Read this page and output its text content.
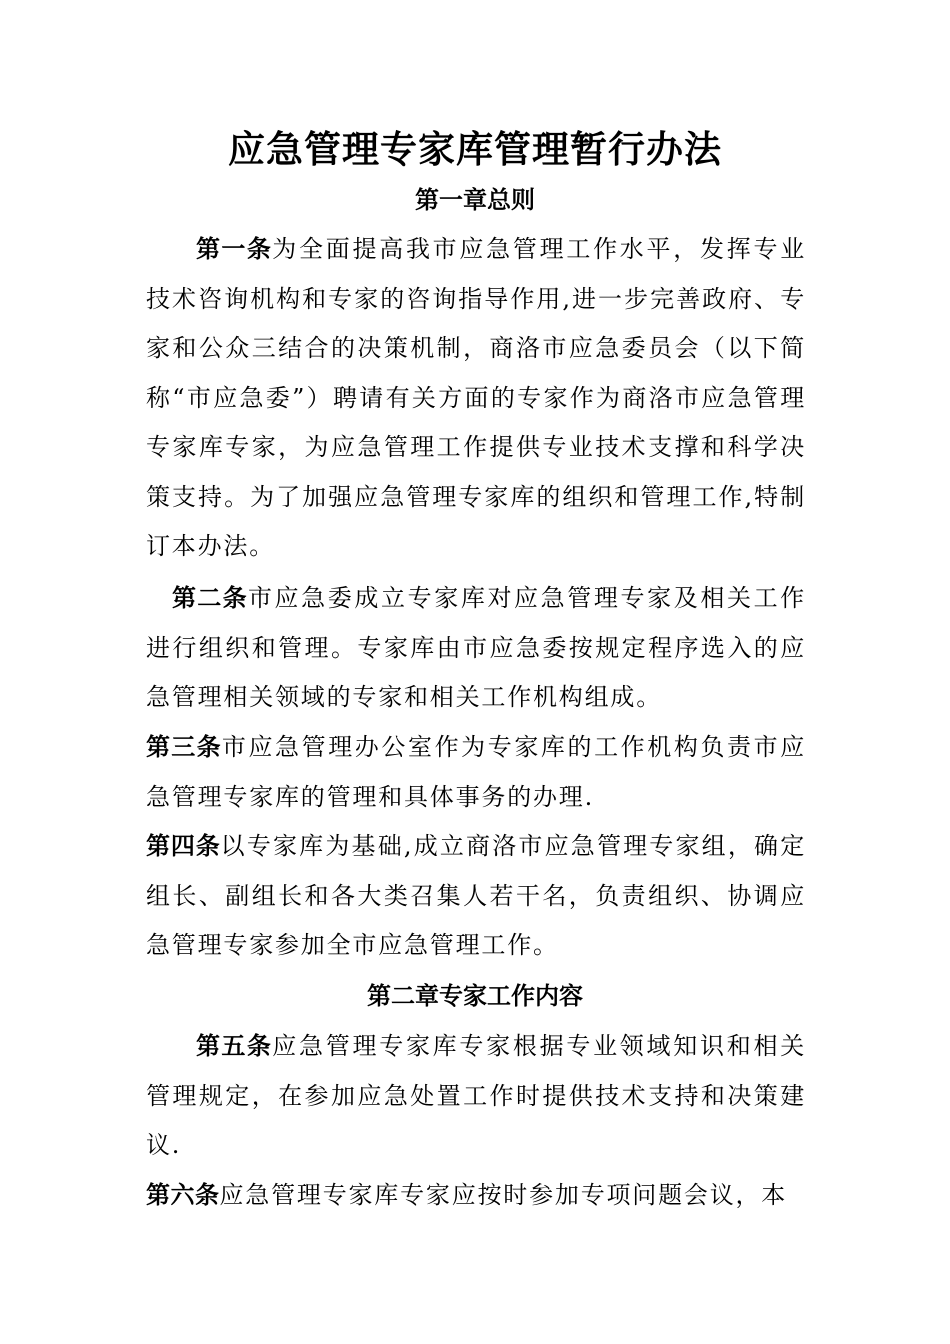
应急管理专家库管理暂行办法
第一章总则

第一条为全面提高我市应急管理工作水平，发挥专业技术咨询机构和专家的咨询指导作用,进一步完善政府、专家和公众三结合的决策机制，商洛市应急委员会（以下简称“市应急委”）聘请有关方面的专家作为商洛市应急管理专家库专家，为应急管理工作提供专业技术支撑和科学决策支持。为了加强应急管理专家库的组织和管理工作,特制订本办法。

第二条市应急委成立专家库对应急管理专家及相关工作进行组织和管理。专家库由市应急委按规定程序选入的应急管理相关领域的专家和相关工作机构组成。

第三条市应急管理办公室作为专家库的工作机构负责市应急管理专家库的管理和具体事务的办理.

第四条以专家库为基础,成立商洛市应急管理专家组，确定组长、副组长和各大类召集人若干名，负责组织、协调应急管理专家参加全市应急管理工作。

第二章专家工作内容

第五条应急管理专家库专家根据专业领域知识和相关管理规定，在参加应急处置工作时提供技术支持和决策建议.

第六条应急管理专家库专家应按时参加专项问题会议，本
